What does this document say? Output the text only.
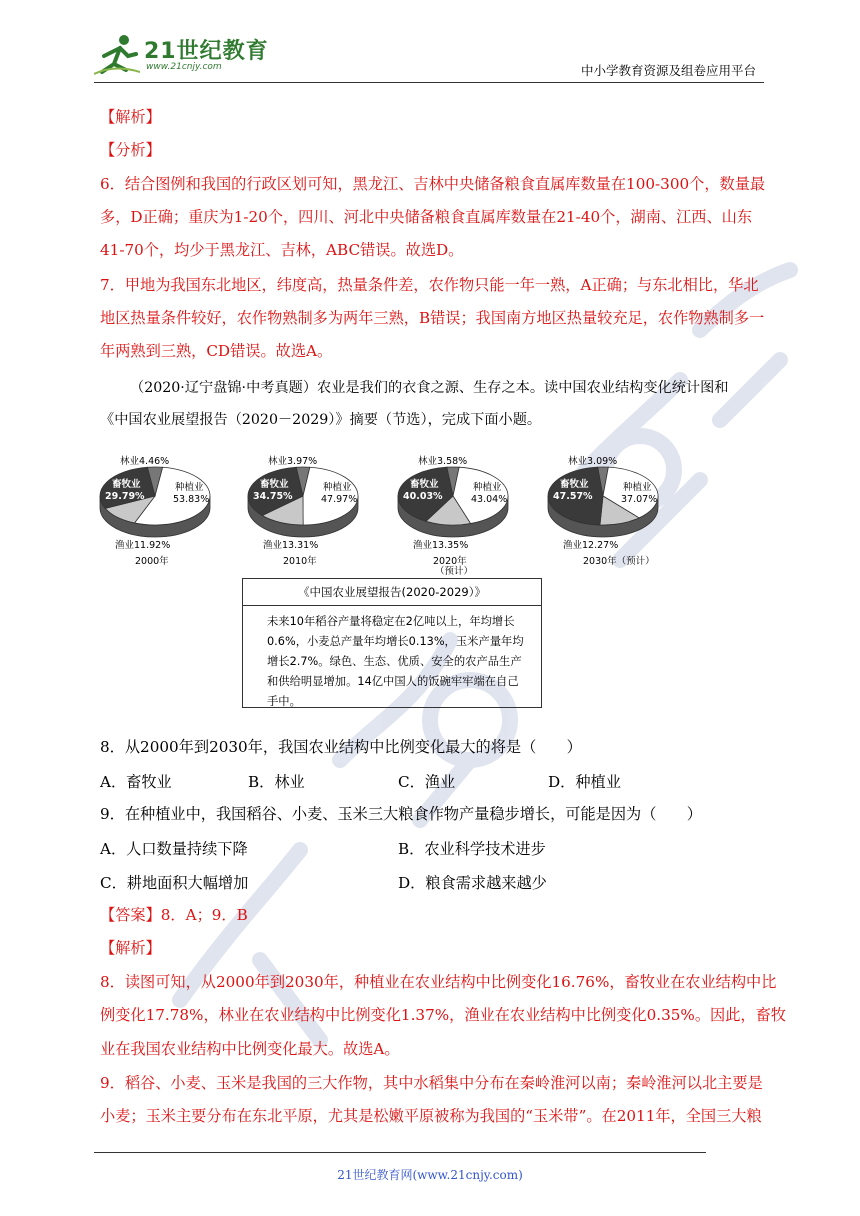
21世纪教育
www.21cnjy.com	中小学教育资源及组卷应用平台
【解析】
【分析】
6．结合图例和我国的行政区划可知，黑龙江、吉林中央储备粮食直属库数量在100-300个，数量最
多，D正确；重庆为1-20个，四川、河北中央储备粮食直属库数量在21-40个，湖南、江西、山东
41-70个，均少于黑龙江、吉林，ABC错误。故选D。
7．甲地为我国东北地区，纬度高，热量条件差，农作物只能一年一熟，A正确；与东北相比，华北
地区热量条件较好，农作物熟制多为两年三熟，B错误；我国南方地区热量较充足，农作物熟制多一
年两熟到三熟，CD错误。故选A。
（2020·辽宁盘锦·中考真题）农业是我们的衣食之源、生存之本。读中国农业结构变化统计图和
《中国农业展望报告（2020－2029）》摘要（节选），完成下面小题。
林业4.46%
种植业
53.83%
畜牧业
29.79%
渔业11.92%
2000年
林业3.97%
种植业
47.97%
畜牧业
34.75%
渔业13.31%
2010年
林业3.58%
种植业
43.04%
畜牧业
40.03%
渔业13.35%
2020年
（预计）
林业3.09%
种植业
37.07%
畜牧业
47.57%
渔业12.27%
2030年（预计）
《中国农业展望报告(2020-2029）》
未来10年稻谷产量将稳定在2亿吨以上，年均增长0.6%，小麦总产量年均增长0.13%，玉米产量年均增长2.7%。绿色、生态、优质、安全的农产品生产和供给明显增加。14亿中国人的饭碗牢牢端在自己手中。
8．从2000年到2030年，我国农业结构中比例变化最大的将是（　　）
A．畜牧业	B．林业	C．渔业	D．种植业
9．在种植业中，我国稻谷、小麦、玉米三大粮食作物产量稳步增长，可能是因为（　　）
A．人口数量持续下降	B．农业科学技术进步
C．耕地面积大幅增加	D．粮食需求越来越少
【答案】8．A；9．B
【解析】
8．读图可知，从2000年到2030年，种植业在农业结构中比例变化16.76%，畜牧业在农业结构中比
例变化17.78%，林业在农业结构中比例变化1.37%，渔业在农业结构中比例变化0.35%。因此，畜牧
业在我国农业结构中比例变化最大。故选A。
9．稻谷、小麦、玉米是我国的三大作物，其中水稻集中分布在秦岭淮河以南；秦岭淮河以北主要是
小麦；玉米主要分布在东北平原，尤其是松嫩平原被称为我国的“玉米带”。在2011年，全国三大粮
21世纪教育网(www.21cnjy.com)
